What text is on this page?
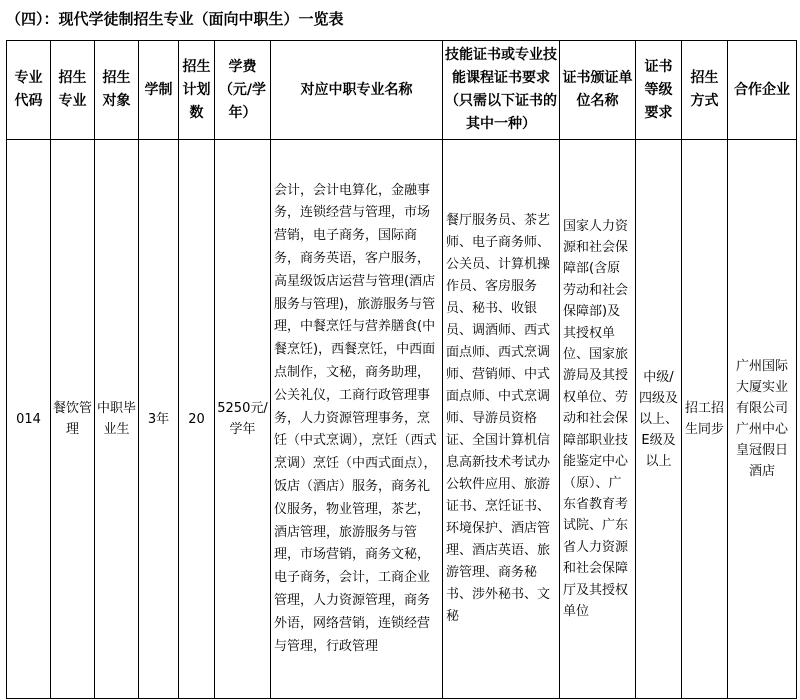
（四）：现代学徒制招生专业（面向中职生）一览表
专业代码	招生专业	招生对象	学制	招生计划数	学费（元/学年）	对应中职专业名称	技能证书或专业技能课程证书要求（只需以下证书的其中一种）	证书颁证单位名称	证书等级要求	招生方式	合作企业
014	餐饮管理	中职毕业生	3年	20	5250元/学年	会计，会计电算化，金融事务，连锁经营与管理，市场营销，电子商务，国际商务，商务英语，客户服务，高星级饭店运营与管理(酒店服务与管理)，旅游服务与管理，中餐烹饪与营养膳食(中餐烹饪)，西餐烹饪，中西面点制作，文秘，商务助理，公关礼仪，工商行政管理事务，人力资源管理事务，烹饪（中式烹调），烹饪（西式烹调）烹饪（中西式面点），饭店（酒店）服务，商务礼仪服务，物业管理，茶艺，酒店管理，旅游服务与管理，市场营销，商务文秘，电子商务，会计，工商企业管理，人力资源管理，商务外语，网络营销，连锁经营与管理，行政管理	餐厅服务员、茶艺师、电子商务师、公关员、计算机操作员、客房服务员、秘书、收银员、调酒师、西式面点师、西式烹调师、营销师、中式面点师、中式烹调师、导游员资格证、全国计算机信息高新技术考试办公软件应用、旅游证书、烹饪证书、环境保护、酒店管理、酒店英语、旅游管理、商务秘书、涉外秘书、文秘	国家人力资源和社会保障部(含原劳动和社会保障部)及其授权单位、国家旅游局及其授权单位、劳动和社会保障部职业技能鉴定中心（原）、广东省教育考试院、广东省人力资源和社会保障厅及其授权单位	中级/四级及以上、E级及以上	招工招生同步	广州国际大厦实业有限公司广州中心皇冠假日酒店
